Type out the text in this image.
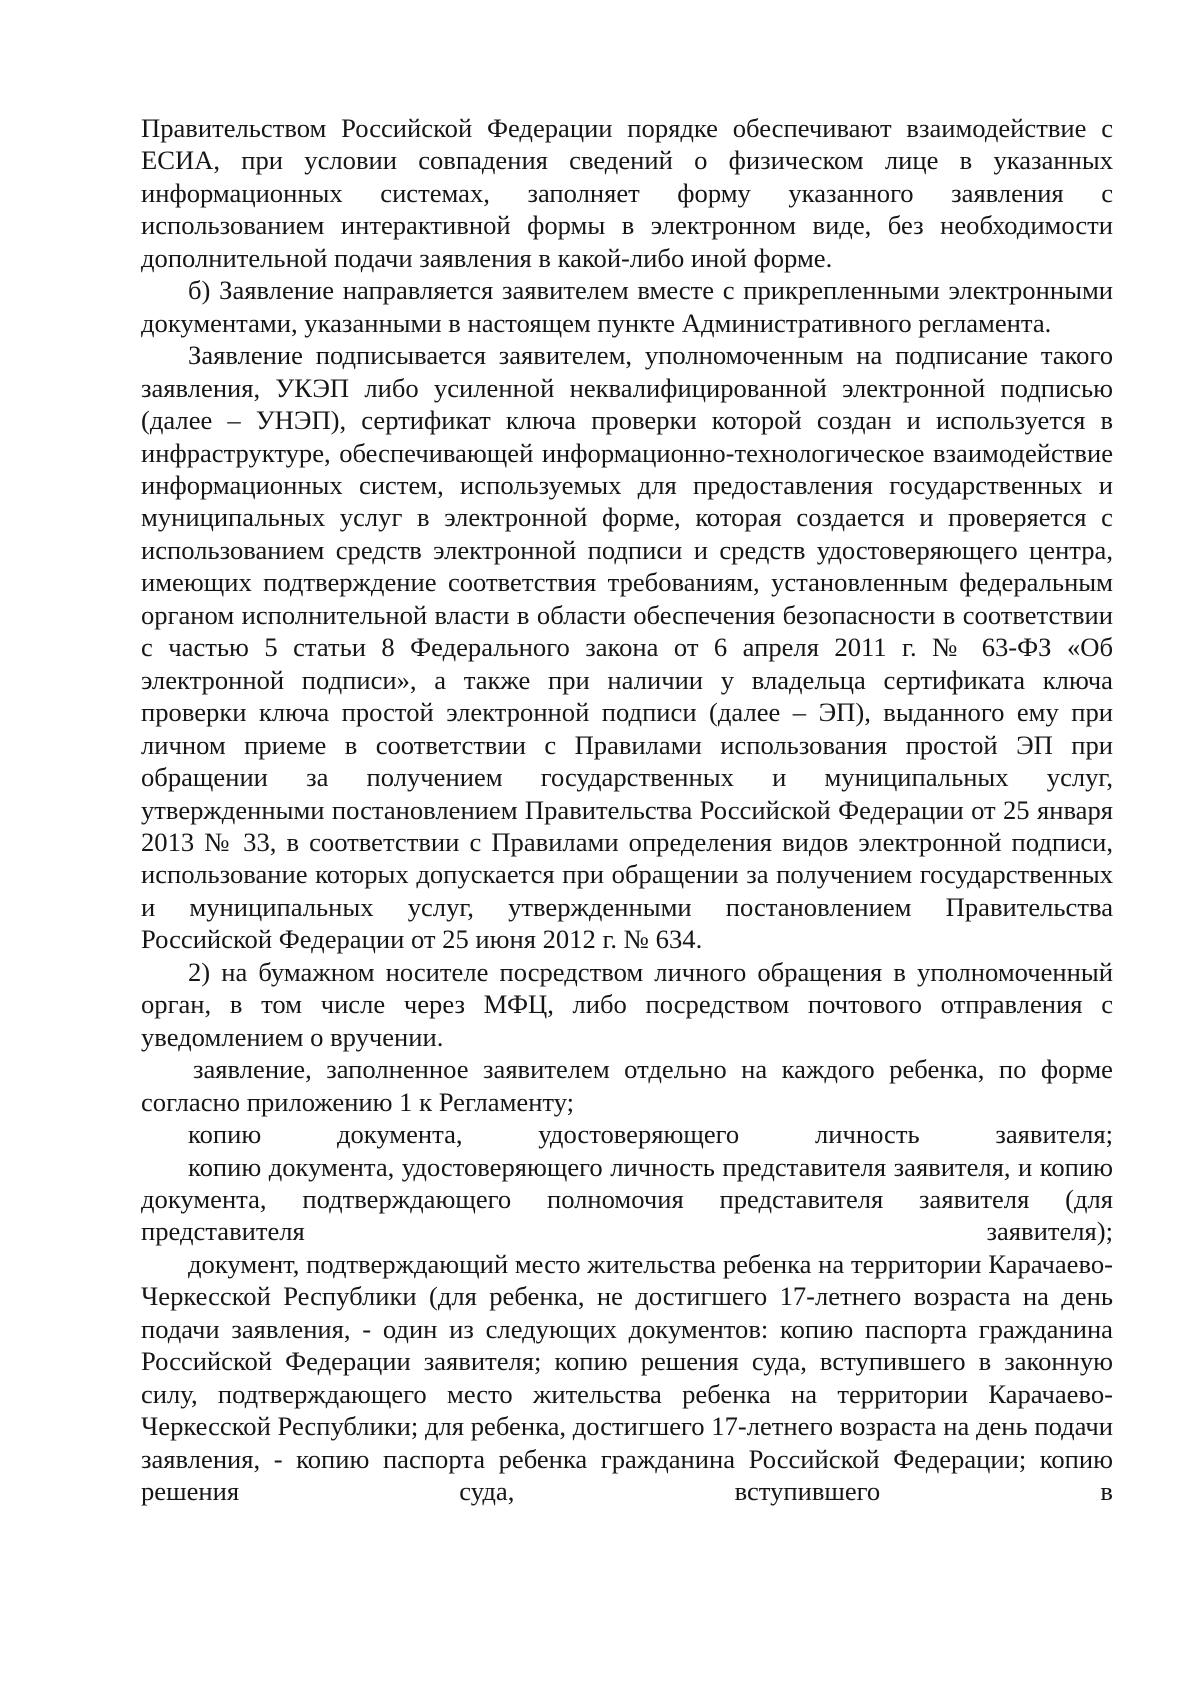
Правительством Российской Федерации порядке обеспечивают взаимодействие с ЕСИА, при условии совпадения сведений о физическом лице в указанных информационных системах, заполняет форму указанного заявления с использованием интерактивной формы в электронном виде, без необходимости дополнительной подачи заявления в какой-либо иной форме.

б) Заявление направляется заявителем вместе с прикрепленными электронными документами, указанными в настоящем пункте Административного регламента.

Заявление подписывается заявителем, уполномоченным на подписание такого заявления, УКЭП либо усиленной неквалифицированной электронной подписью (далее – УНЭП), сертификат ключа проверки которой создан и используется в инфраструктуре, обеспечивающей информационно-технологическое взаимодействие информационных систем, используемых для предоставления государственных и муниципальных услуг в электронной форме, которая создается и проверяется с использованием средств электронной подписи и средств удостоверяющего центра, имеющих подтверждение соответствия требованиям, установленным федеральным органом исполнительной власти в области обеспечения безопасности в соответствии с частью 5 статьи 8 Федерального закона от 6 апреля 2011 г. № 63-ФЗ «Об электронной подписи», а также при наличии у владельца сертификата ключа проверки ключа простой электронной подписи (далее – ЭП), выданного ему при личном приеме в соответствии с Правилами использования простой ЭП при обращении за получением государственных и муниципальных услуг, утвержденными постановлением Правительства Российской Федерации от 25 января 2013 № 33, в соответствии с Правилами определения видов электронной подписи, использование которых допускается при обращении за получением государственных и муниципальных услуг, утвержденными постановлением Правительства Российской Федерации от 25 июня 2012 г. № 634.

2) на бумажном носителе посредством личного обращения в уполномоченный орган, в том числе через МФЦ, либо посредством почтового отправления с уведомлением о вручении.

заявление, заполненное заявителем отдельно на каждого ребенка, по форме согласно приложению 1 к Регламенту;

копию документа, удостоверяющего личность заявителя;

копию документа, удостоверяющего личность представителя заявителя, и копию документа, подтверждающего полномочия представителя заявителя (для представителя заявителя);

документ, подтверждающий место жительства ребенка на территории Карачаево-Черкесской Республики (для ребенка, не достигшего 17-летнего возраста на день подачи заявления, - один из следующих документов: копию паспорта гражданина Российской Федерации заявителя; копию решения суда, вступившего в законную силу, подтверждающего место жительства ребенка на территории Карачаево-Черкесской Республики; для ребенка, достигшего 17-летнего возраста на день подачи заявления, - копию паспорта ребенка гражданина Российской Федерации; копию решения суда, вступившего в
